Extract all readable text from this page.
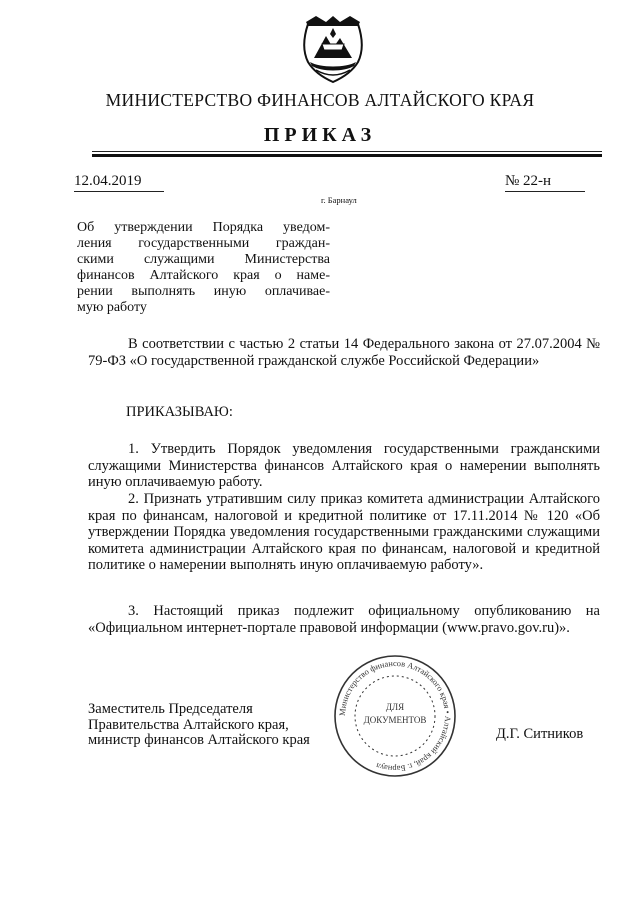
МИНИСТЕРСТВО ФИНАНСОВ АЛТАЙСКОГО КРАЯ
ПРИКАЗ
12.04.2019	№ 22-н
г. Барнаул
Об утверждении Порядка уведом-
ления государственными граждан-
скими служащими Министерства
финансов Алтайского края о наме-
рении выполнять иную оплачивае-
мую работу

В соответствии с частью 2 статьи 14 Федерального закона от 27.07.2004 № 79-ФЗ «О государственной гражданской службе Российской Федерации»

ПРИКАЗЫВАЮ:

1. Утвердить Порядок уведомления государственными гражданскими служащими Министерства финансов Алтайского края о намерении выполнять иную оплачиваемую работу.

2. Признать утратившим силу приказ комитета администрации Алтайского края по финансам, налоговой и кредитной политике от 17.11.2014 № 120 «Об утверждении Порядка уведомления государственными гражданскими служащими комитета администрации Алтайского края по финансам, налоговой и кредитной политике о намерении выполнять иную оплачиваемую работу».

3. Настоящий приказ подлежит официальному опубликованию на «Официальном интернет-портале правовой информации (www.pravo.gov.ru)».

Заместитель Председателя
Правительства Алтайского края,
министр финансов Алтайского края	Д.Г. Ситников
Министерство финансов Алтайского края • Алтайский край, г. Барнаул
ДЛЯ
ДОКУМЕНТОВ
